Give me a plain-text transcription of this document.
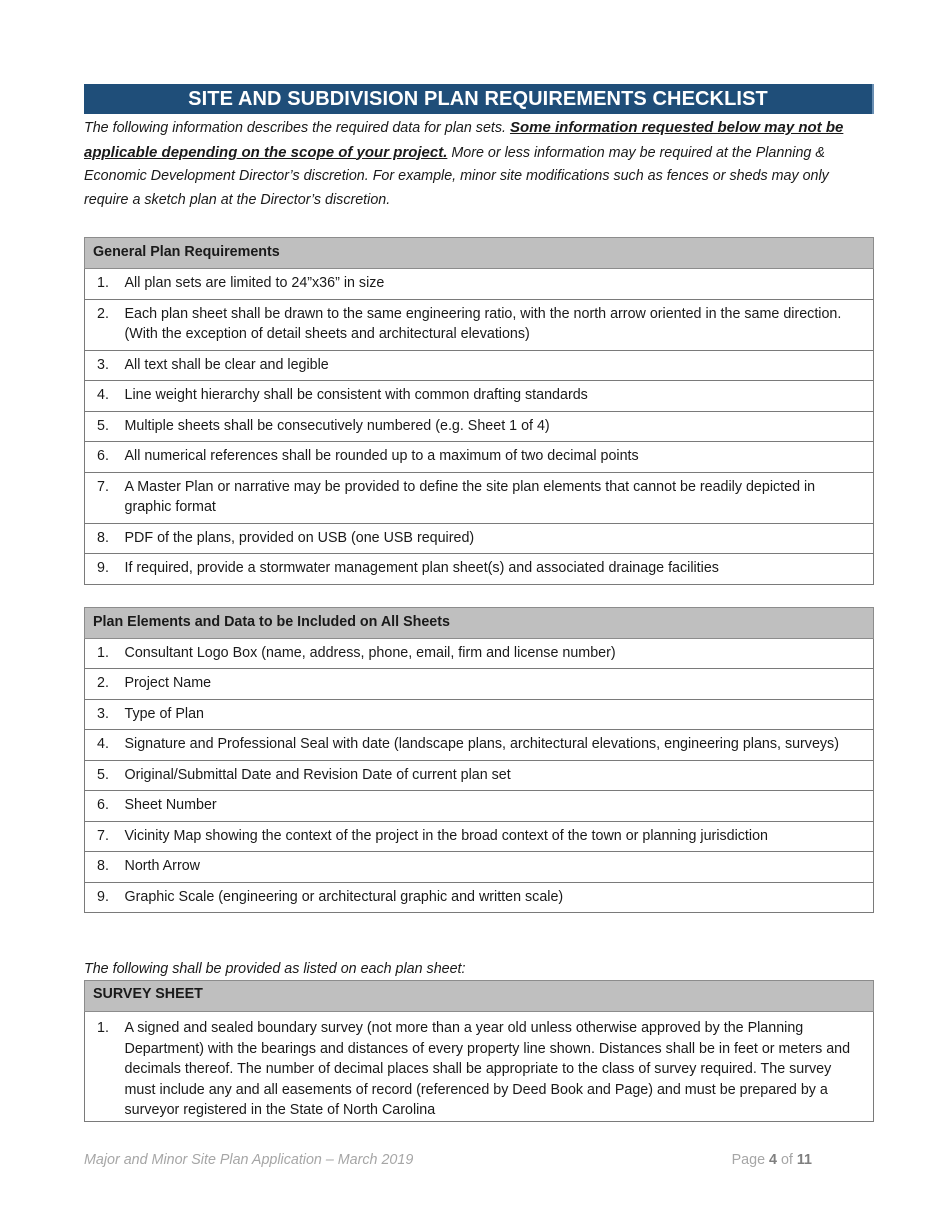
SITE AND SUBDIVISION PLAN REQUIREMENTS CHECKLIST

The following information describes the required data for plan sets. Some information requested below may not be applicable depending on the scope of your project. More or less information may be required at the Planning & Economic Development Director’s discretion. For example, minor site modifications such as fences or sheds may only require a sketch plan at the Director’s discretion.

General Plan Requirements	
1.	All plan sets are limited to 24”x36” in size
2.	Each plan sheet shall be drawn to the same engineering ratio, with the north arrow oriented in the same direction. (With the exception of detail sheets and architectural elevations)
3.	All text shall be clear and legible
4.	Line weight hierarchy shall be consistent with common drafting standards
5.	Multiple sheets shall be consecutively numbered (e.g. Sheet 1 of 4)
6.	All numerical references shall be rounded up to a maximum of two decimal points
7.	A Master Plan or narrative may be provided to define the site plan elements that cannot be readily depicted in graphic format
8.	PDF of the plans, provided on USB (one USB required)
9.	If required, provide a stormwater management plan sheet(s) and associated drainage facilities
Plan Elements and Data to be Included on All Sheets	
1.	Consultant Logo Box (name, address, phone, email, firm and license number)
2.	Project Name
3.	Type of Plan
4.	Signature and Professional Seal with date (landscape plans, architectural elevations, engineering plans, surveys)
5.	Original/Submittal Date and Revision Date of current plan set
6.	Sheet Number
7.	Vicinity Map showing the context of the project in the broad context of the town or planning jurisdiction
8.	North Arrow
9.	Graphic Scale (engineering or architectural graphic and written scale)
The following shall be provided as listed on each plan sheet:
SURVEY SHEET
1.	A signed and sealed boundary survey (not more than a year old unless otherwise approved by the Planning Department) with the bearings and distances of every property line shown. Distances shall be in feet or meters and decimals thereof. The number of decimal places shall be appropriate to the class of survey required. The survey must include any and all easements of record (referenced by Deed Book and Page) and must be prepared by a surveyor registered in the State of North Carolina
Major and Minor Site Plan Application – March 2019	Page 4 of 11
